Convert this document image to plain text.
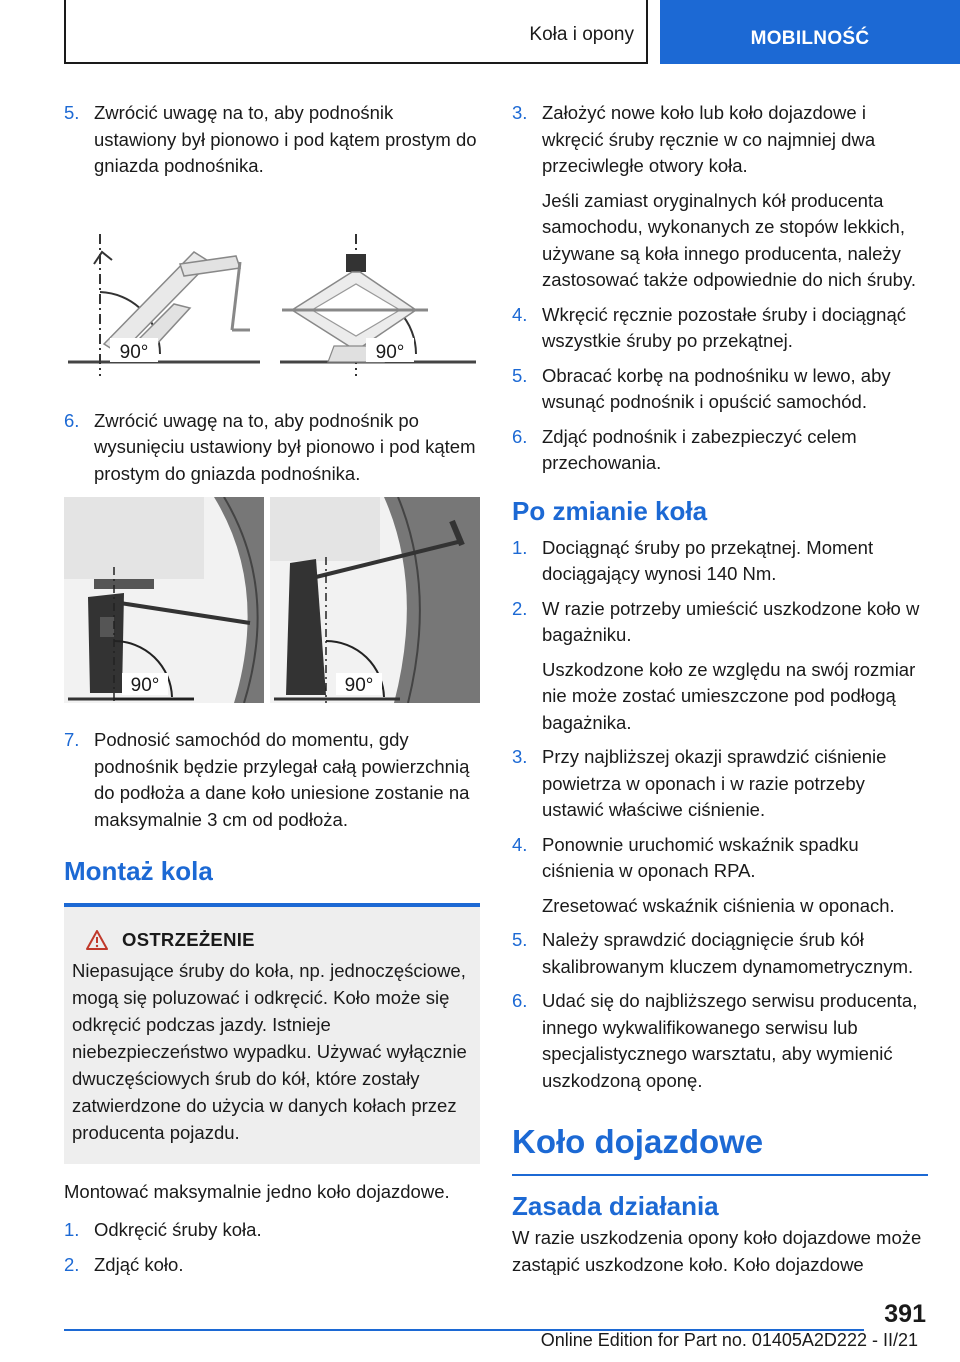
Koła i opony	MOBILNOŚĆ
5. Zwrócić uwagę na to, aby podnośnik ustawiony był pionowo i pod kątem prostym do gniazda podnośnika.
90°	90°
6. Zwrócić uwagę na to, aby podnośnik po wysunięciu ustawiony był pionowo i pod kątem prostym do gniazda podnośnika.
90°	90°
7. Podnosić samochód do momentu, gdy podnośnik będzie przylegał całą powierzchnią do podłoża a dane koło uniesione zostanie na maksymalnie 3 cm od podłoża.
Montaż kola
OSTRZEŻENIE
Niepasujące śruby do koła, np. jednoczęściowe, mogą się poluzować i odkręcić. Koło może się odkręcić podczas jazdy. Istnieje niebezpieczeństwo wypadku. Używać wyłącznie dwuczęściowych śrub do kół, które zostały zatwierdzone do użycia w danych kołach przez producenta pojazdu.
Montować maksymalnie jedno koło dojazdowe.
1. Odkręcić śruby koła.
2. Zdjąć koło.
3. Założyć nowe koło lub koło dojazdowe i wkręcić śruby ręcznie w co najmniej dwa przeciwległe otwory koła.
Jeśli zamiast oryginalnych kół producenta samochodu, wykonanych ze stopów lekkich, używane są koła innego producenta, należy zastosować także odpowiednie do nich śruby.
4. Wkręcić ręcznie pozostałe śruby i dociągnąć wszystkie śruby po przekątnej.
5. Obracać korbę na podnośniku w lewo, aby wsunąć podnośnik i opuścić samochód.
6. Zdjąć podnośnik i zabezpieczyć celem przechowania.
Po zmianie koła
1. Dociągnąć śruby po przekątnej. Moment dociągający wynosi 140 Nm.
2. W razie potrzeby umieścić uszkodzone koło w bagażniku.
Uszkodzone koło ze względu na swój rozmiar nie może zostać umieszczone pod podłogą bagażnika.
3. Przy najbliższej okazji sprawdzić ciśnienie powietrza w oponach i w razie potrzeby ustawić właściwe ciśnienie.
4. Ponownie uruchomić wskaźnik spadku ciśnienia w oponach RPA.
Zresetować wskaźnik ciśnienia w oponach.
5. Należy sprawdzić dociągnięcie śrub kół skalibrowanym kluczem dynamometrycznym.
6. Udać się do najbliższego serwisu producenta, innego wykwalifikowanego serwisu lub specjalistycznego warsztatu, aby wymienić uszkodzoną oponę.
Koło dojazdowe
Zasada działania
W razie uszkodzenia opony koło dojazdowe może zastąpić uszkodzone koło. Koło dojazdowe
391
Online Edition for Part no. 01405A2D222 - II/21
